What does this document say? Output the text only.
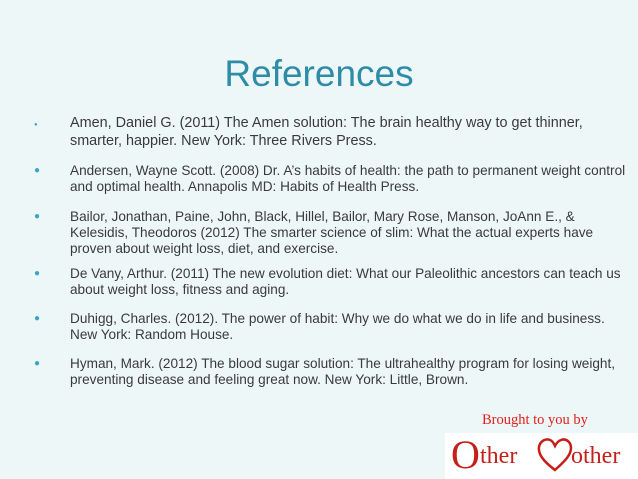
References
● Amen, Daniel G. (2011) The Amen solution: The brain healthy way to get thinner, smarter, happier. New York: Three Rivers Press.
● Andersen, Wayne Scott. (2008) Dr. A’s habits of health: the path to permanent weight control and optimal health. Annapolis MD: Habits of Health Press.
● Bailor, Jonathan, Paine, John, Black, Hillel, Bailor, Mary Rose, Manson, JoAnn E., & Kelesidis, Theodoros (2012) The smarter science of slim: What the actual experts have proven about weight loss, diet, and exercise.
● De Vany, Arthur. (2011) The new evolution diet: What our Paleolithic ancestors can teach us about weight loss, fitness and aging.
● Duhigg, Charles. (2012). The power of habit: Why we do what we do in life and business. New York: Random House.
● Hyman, Mark. (2012) The blood sugar solution: The ultrahealthy program for losing weight, preventing disease and feeling great now. New York: Little, Brown.
Brought to you by
O ther other
